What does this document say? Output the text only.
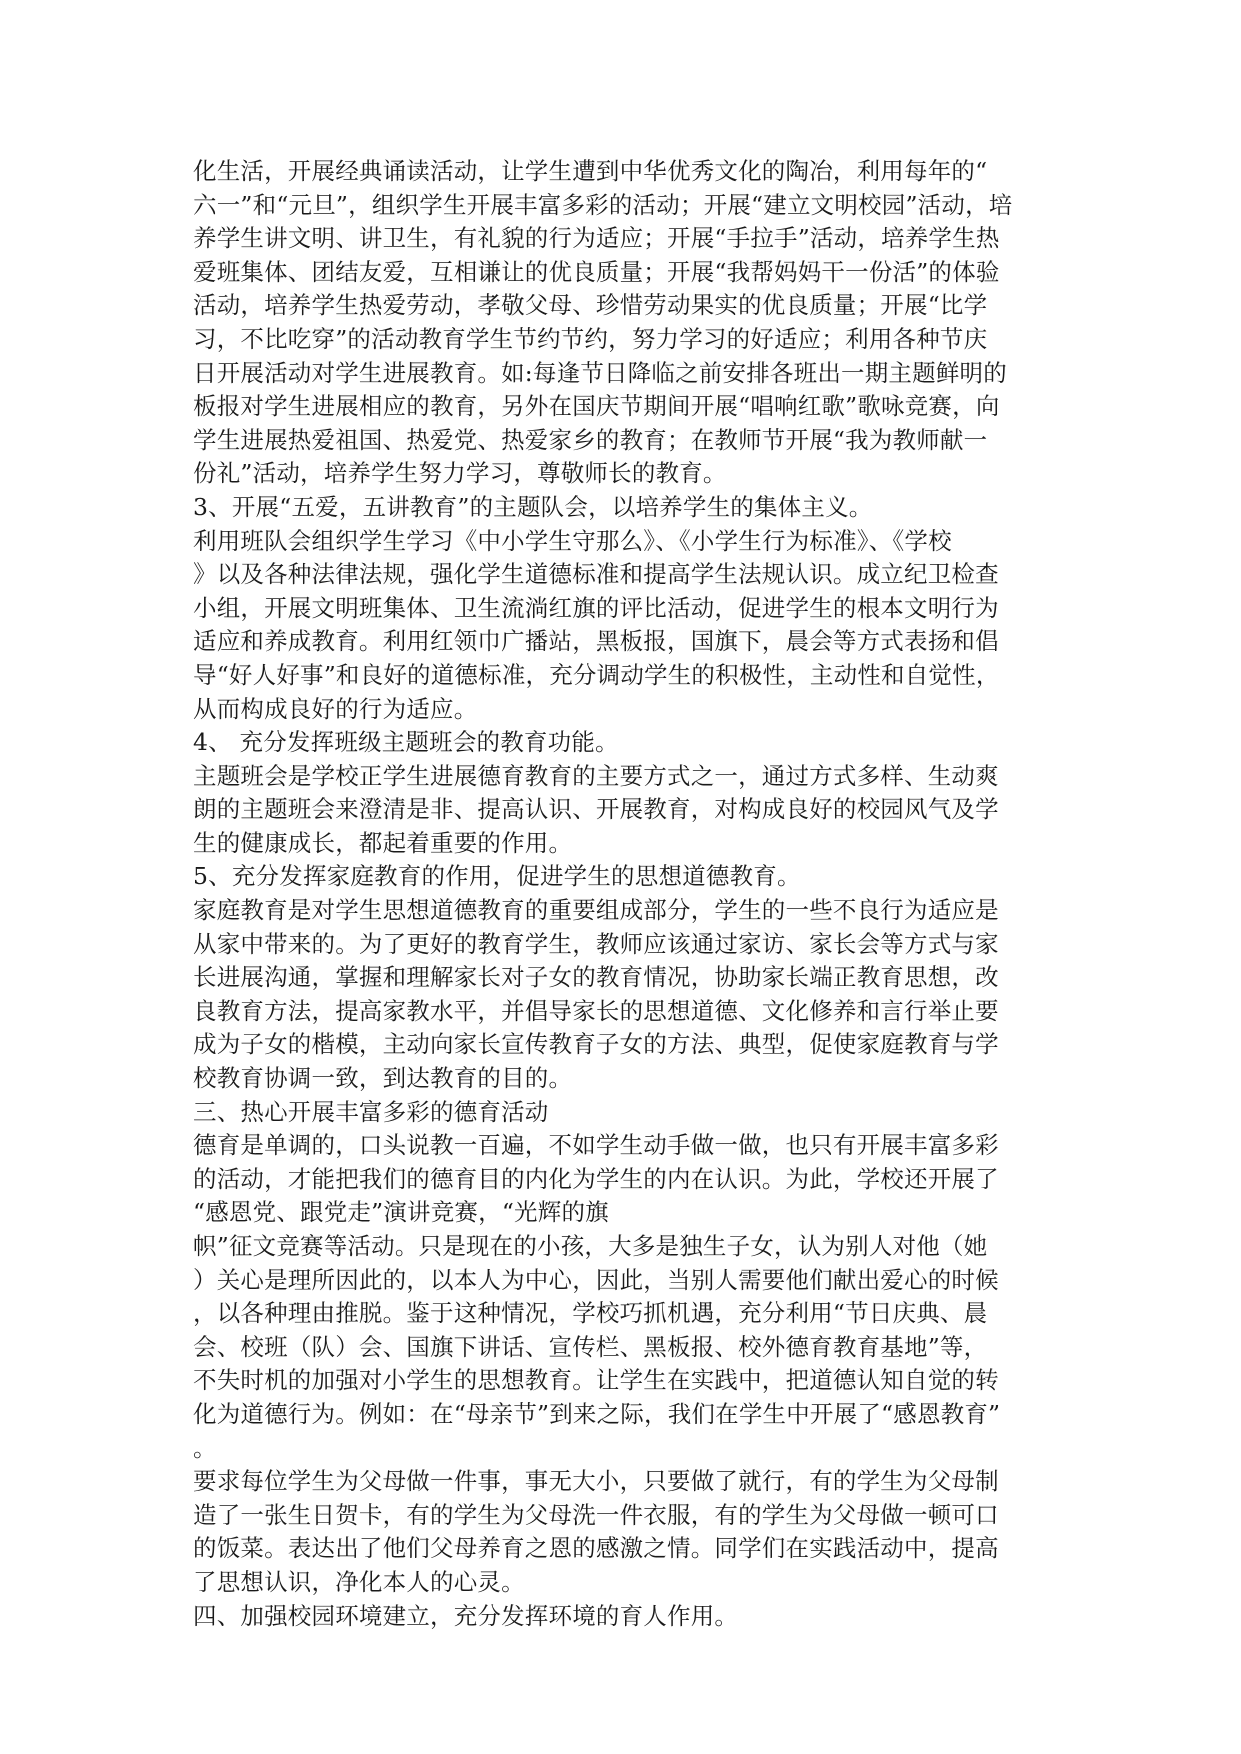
化生活，开展经典诵读活动，让学生遭到中华优秀文化的陶冶，利用每年的“
六一”和“元旦”，组织学生开展丰富多彩的活动；开展“建立文明校园”活动，培
养学生讲文明、讲卫生，有礼貌的行为适应；开展“手拉手”活动，培养学生热
爱班集体、团结友爱，互相谦让的优良质量；开展“我帮妈妈干一份活”的体验
活动，培养学生热爱劳动，孝敬父母、珍惜劳动果实的优良质量；开展“比学
习，不比吃穿”的活动教育学生节约节约，努力学习的好适应；利用各种节庆
日开展活动对学生进展教育。如:每逢节日降临之前安排各班出一期主题鲜明的
板报对学生进展相应的教育，另外在国庆节期间开展“唱响红歌”歌咏竞赛，向
学生进展热爱祖国、热爱党、热爱家乡的教育；在教师节开展“我为教师献一
份礼”活动，培养学生努力学习，尊敬师长的教育。
3、开展“五爱，五讲教育”的主题队会，以培养学生的集体主义。
利用班队会组织学生学习《中小学生守那么》、《小学生行为标准》、《学校
》以及各种法律法规，强化学生道德标准和提高学生法规认识。成立纪卫检查
小组，开展文明班集体、卫生流淌红旗的评比活动，促进学生的根本文明行为
适应和养成教育。利用红领巾广播站，黑板报，国旗下，晨会等方式表扬和倡
导“好人好事”和良好的道德标准，充分调动学生的积极性，主动性和自觉性，
从而构成良好的行为适应。
4、 充分发挥班级主题班会的教育功能。
主题班会是学校正学生进展德育教育的主要方式之一，通过方式多样、生动爽
朗的主题班会来澄清是非、提高认识、开展教育，对构成良好的校园风气及学
生的健康成长，都起着重要的作用。
5、充分发挥家庭教育的作用，促进学生的思想道德教育。
家庭教育是对学生思想道德教育的重要组成部分，学生的一些不良行为适应是
从家中带来的。为了更好的教育学生，教师应该通过家访、家长会等方式与家
长进展沟通，掌握和理解家长对子女的教育情况，协助家长端正教育思想，改
良教育方法，提高家教水平，并倡导家长的思想道德、文化修养和言行举止要
成为子女的楷模，主动向家长宣传教育子女的方法、典型，促使家庭教育与学
校教育协调一致，到达教育的目的。
三、热心开展丰富多彩的德育活动
德育是单调的，口头说教一百遍，不如学生动手做一做，也只有开展丰富多彩
的活动，才能把我们的德育目的内化为学生的内在认识。为此，学校还开展了
“感恩党、跟党走”演讲竞赛，“光辉的旗
帜”征文竞赛等活动。只是现在的小孩，大多是独生子女，认为别人对他（她
）关心是理所因此的，以本人为中心，因此，当别人需要他们献出爱心的时候
，以各种理由推脱。鉴于这种情况，学校巧抓机遇，充分利用“节日庆典、晨
会、校班（队）会、国旗下讲话、宣传栏、黑板报、校外德育教育基地”等，
不失时机的加强对小学生的思想教育。让学生在实践中，把道德认知自觉的转
化为道德行为。例如：在“母亲节”到来之际，我们在学生中开展了“感恩教育”
。
要求每位学生为父母做一件事，事无大小，只要做了就行，有的学生为父母制
造了一张生日贺卡，有的学生为父母洗一件衣服，有的学生为父母做一顿可口
的饭菜。表达出了他们父母养育之恩的感激之情。同学们在实践活动中，提高
了思想认识，净化本人的心灵。
四、加强校园环境建立，充分发挥环境的育人作用。
